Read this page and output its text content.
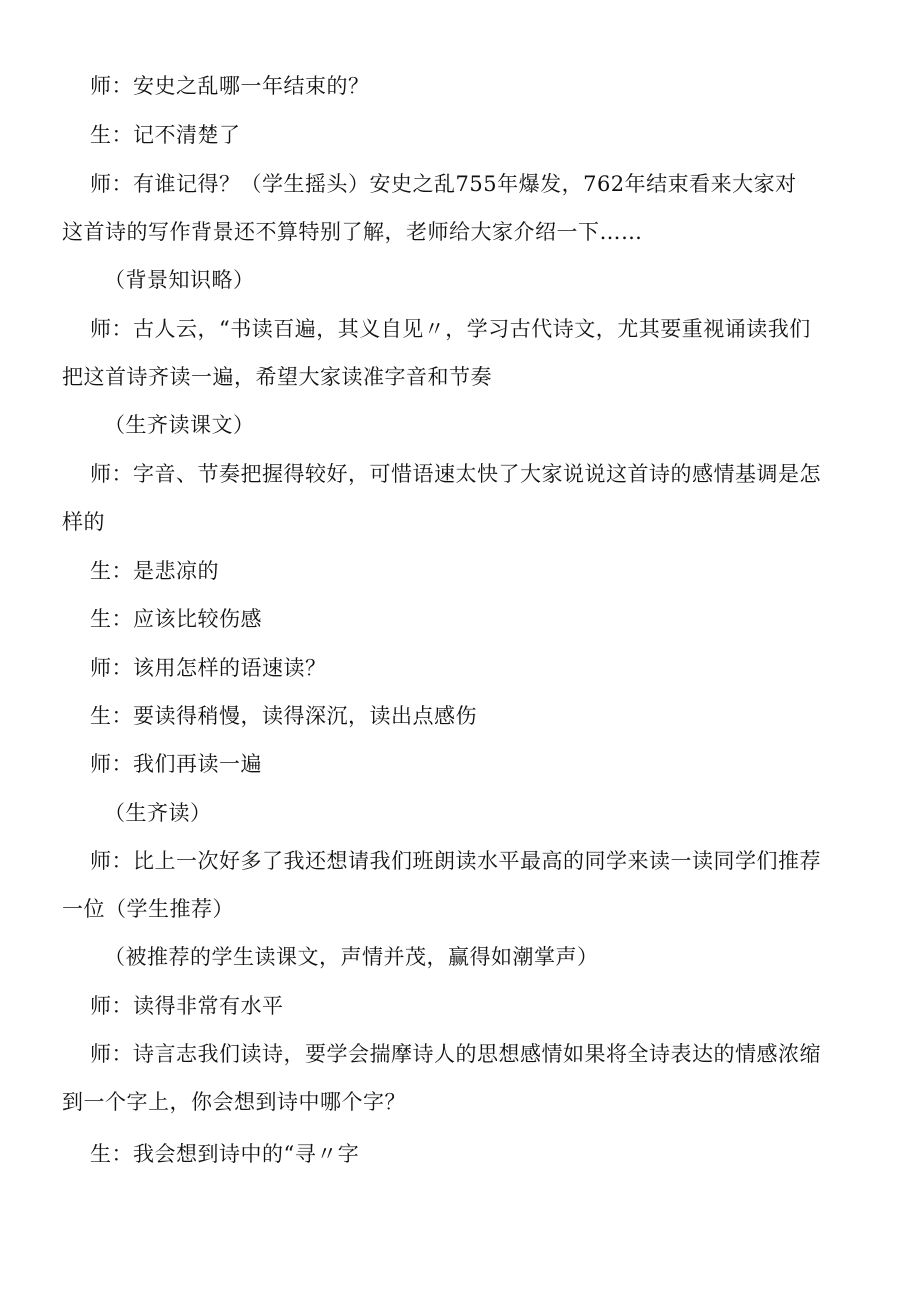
师：安史之乱哪一年结束的？
生：记不清楚了
师：有谁记得？（学生摇头）安史之乱755年爆发，762年结束看来大家对
这首诗的写作背景还不算特别了解，老师给大家介绍一下……
（背景知识略）
师：古人云，“书读百遍，其义自见〃，学习古代诗文，尤其要重视诵读我们
把这首诗齐读一遍，希望大家读准字音和节奏
（生齐读课文）
师：字音、节奏把握得较好，可惜语速太快了大家说说这首诗的感情基调是怎
样的
生：是悲凉的
生：应该比较伤感
师：该用怎样的语速读？
生：要读得稍慢，读得深沉，读出点感伤
师：我们再读一遍
（生齐读）
师：比上一次好多了我还想请我们班朗读水平最高的同学来读一读同学们推荐
一位（学生推荐）
（被推荐的学生读课文，声情并茂，赢得如潮掌声）
师：读得非常有水平
师：诗言志我们读诗，要学会揣摩诗人的思想感情如果将全诗表达的情感浓缩
到一个字上，你会想到诗中哪个字？
生：我会想到诗中的“寻〃字
